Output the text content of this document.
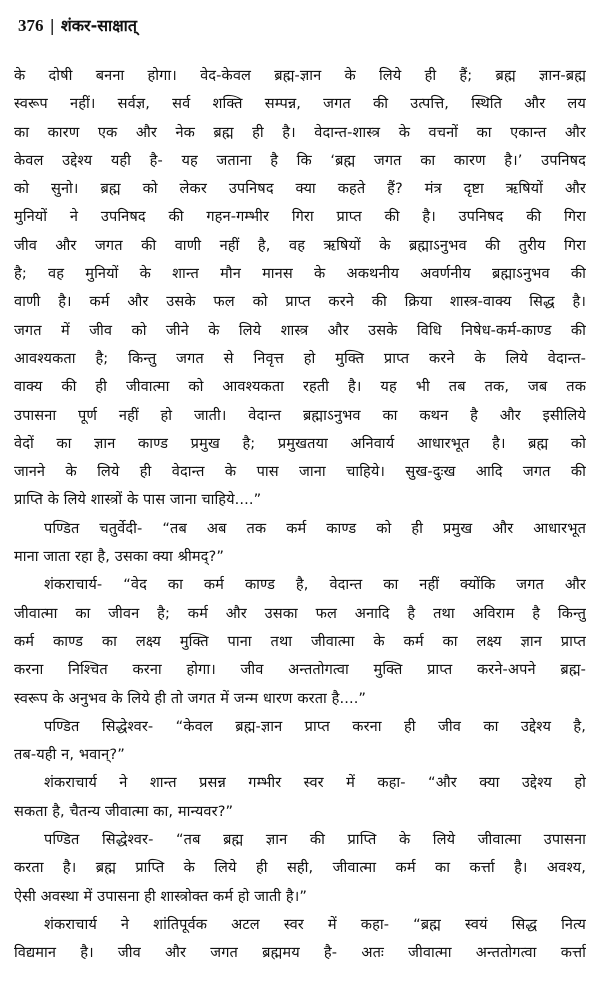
376 | शंकर-साक्षात्
के दोषी बनना होगा। वेद-केवल ब्रह्म-ज्ञान के लिये ही हैं; ब्रह्म ज्ञान-ब्रह्म
स्वरूप नहीं। सर्वज्ञ, सर्व शक्ति सम्पन्न, जगत की उत्पत्ति, स्थिति और लय
का कारण एक और नेक ब्रह्म ही है। वेदान्त-शास्त्र के वचनों का एकान्त और
केवल उद्देश्य यही है- यह जताना है कि ‘ब्रह्म जगत का कारण है।’ उपनिषद
को सुनो। ब्रह्म को लेकर उपनिषद क्या कहते हैं? मंत्र दृष्टा ऋषियों और
मुनियों ने उपनिषद की गहन-गम्भीर गिरा प्राप्त की है। उपनिषद की गिरा
जीव और जगत की वाणी नहीं है, वह ऋषियों के ब्रह्माऽनुभव की तुरीय गिरा
है; वह मुनियों के शान्त मौन मानस के अकथनीय अवर्णनीय ब्रह्माऽनुभव की
वाणी है। कर्म और उसके फल को प्राप्त करने की क्रिया शास्त्र-वाक्य सिद्ध है।
जगत में जीव को जीने के लिये शास्त्र और उसके विधि निषेध-कर्म-काण्ड की
आवश्यकता है; किन्तु जगत से निवृत्त हो मुक्ति प्राप्त करने के लिये वेदान्त-
वाक्य की ही जीवात्मा को आवश्यकता रहती है। यह भी तब तक, जब तक
उपासना पूर्ण नहीं हो जाती। वेदान्त ब्रह्माऽनुभव का कथन है और इसीलिये
वेदों का ज्ञान काण्ड प्रमुख है; प्रमुखतया अनिवार्य आधारभूत है। ब्रह्म को
जानने के लिये ही वेदान्त के पास जाना चाहिये। सुख-दुःख आदि जगत की
प्राप्ति के लिये शास्त्रों के पास जाना चाहिये....”
पण्डित चतुर्वेदी- “तब अब तक कर्म काण्ड को ही प्रमुख और आधारभूत
माना जाता रहा है, उसका क्या श्रीमद्?”
शंकराचार्य- “वेद का कर्म काण्ड है, वेदान्त का नहीं क्योंकि जगत और
जीवात्मा का जीवन है; कर्म और उसका फल अनादि है तथा अविराम है किन्तु
कर्म काण्ड का लक्ष्य मुक्ति पाना तथा जीवात्मा के कर्म का लक्ष्य ज्ञान प्राप्त
करना निश्चित करना होगा। जीव अन्ततोगत्वा मुक्ति प्राप्त करने-अपने ब्रह्म-
स्वरूप के अनुभव के लिये ही तो जगत में जन्म धारण करता है....”
पण्डित सिद्धेश्वर- “केवल ब्रह्म-ज्ञान प्राप्त करना ही जीव का उद्देश्य है,
तब-यही न, भवान्?”
शंकराचार्य ने शान्त प्रसन्न गम्भीर स्वर में कहा- “और क्या उद्देश्य हो
सकता है, चैतन्य जीवात्मा का, मान्यवर?”
पण्डित सिद्धेश्वर- “तब ब्रह्म ज्ञान की प्राप्ति के लिये जीवात्मा उपासना
करता है। ब्रह्म प्राप्ति के लिये ही सही, जीवात्मा कर्म का कर्त्ता है। अवश्य,
ऐसी अवस्था में उपासना ही शास्त्रोक्त कर्म हो जाती है।”
शंकराचार्य ने शांतिपूर्वक अटल स्वर में कहा- “ब्रह्म स्वयं सिद्ध नित्य
विद्यमान है। जीव और जगत ब्रह्ममय है- अतः जीवात्मा अन्ततोगत्वा कर्त्ता
